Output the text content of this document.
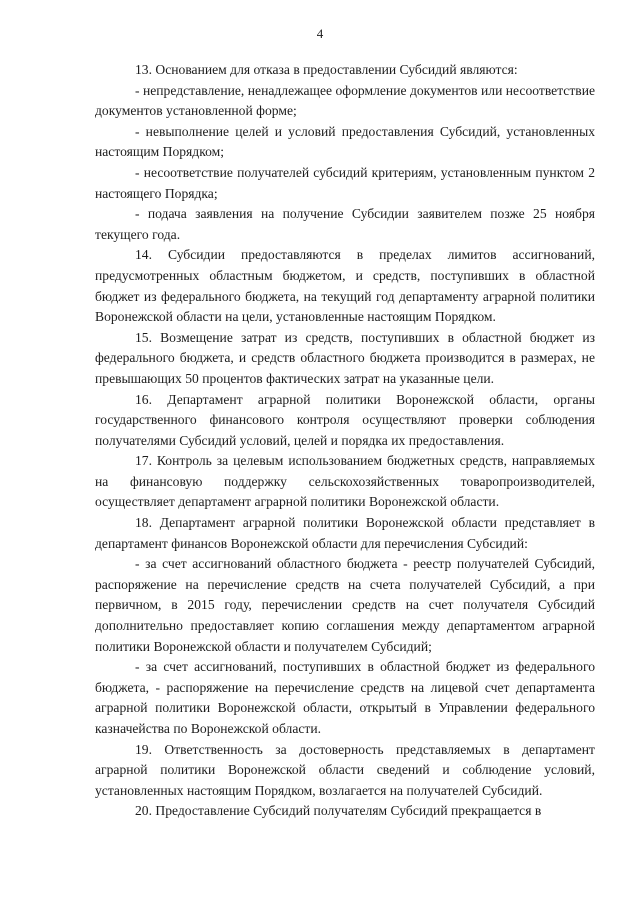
4

13. Основанием для отказа в предоставлении Субсидий являются:

- непредставление, ненадлежащее оформление документов или несоответствие документов установленной форме;

- невыполнение целей и условий предоставления Субсидий, установленных настоящим Порядком;

- несоответствие получателей субсидий критериям, установленным пунктом 2 настоящего Порядка;

- подача заявления на получение Субсидии заявителем позже 25 ноября текущего года.

14. Субсидии предоставляются в пределах лимитов ассигнований, предусмотренных областным бюджетом, и средств, поступивших в областной бюджет из федерального бюджета, на текущий год департаменту аграрной политики Воронежской области на цели, установленные настоящим Порядком.

15. Возмещение затрат из средств, поступивших в областной бюджет из федерального бюджета, и средств областного бюджета производится в размерах, не превышающих 50 процентов фактических затрат на указанные цели.

16. Департамент аграрной политики Воронежской области, органы государственного финансового контроля осуществляют проверки соблюдения получателями Субсидий условий, целей и порядка их предоставления.

17. Контроль за целевым использованием бюджетных средств, направляемых на финансовую поддержку сельскохозяйственных товаропроизводителей, осуществляет департамент аграрной политики Воронежской области.

18. Департамент аграрной политики Воронежской области представляет в департамент финансов Воронежской области для перечисления Субсидий:

- за счет ассигнований областного бюджета - реестр получателей Субсидий, распоряжение на перечисление средств на счета получателей Субсидий, а при первичном, в 2015 году, перечислении средств на счет получателя Субсидий дополнительно предоставляет копию соглашения между департаментом аграрной политики Воронежской области и получателем Субсидий;

- за счет ассигнований, поступивших в областной бюджет из федерального бюджета, - распоряжение на перечисление средств на лицевой счет департамента аграрной политики Воронежской области, открытый в Управлении федерального казначейства по Воронежской области.

19. Ответственность за достоверность представляемых в департамент аграрной политики Воронежской области сведений и соблюдение условий, установленных настоящим Порядком, возлагается на получателей Субсидий.

20. Предоставление Субсидий получателям Субсидий прекращается в
